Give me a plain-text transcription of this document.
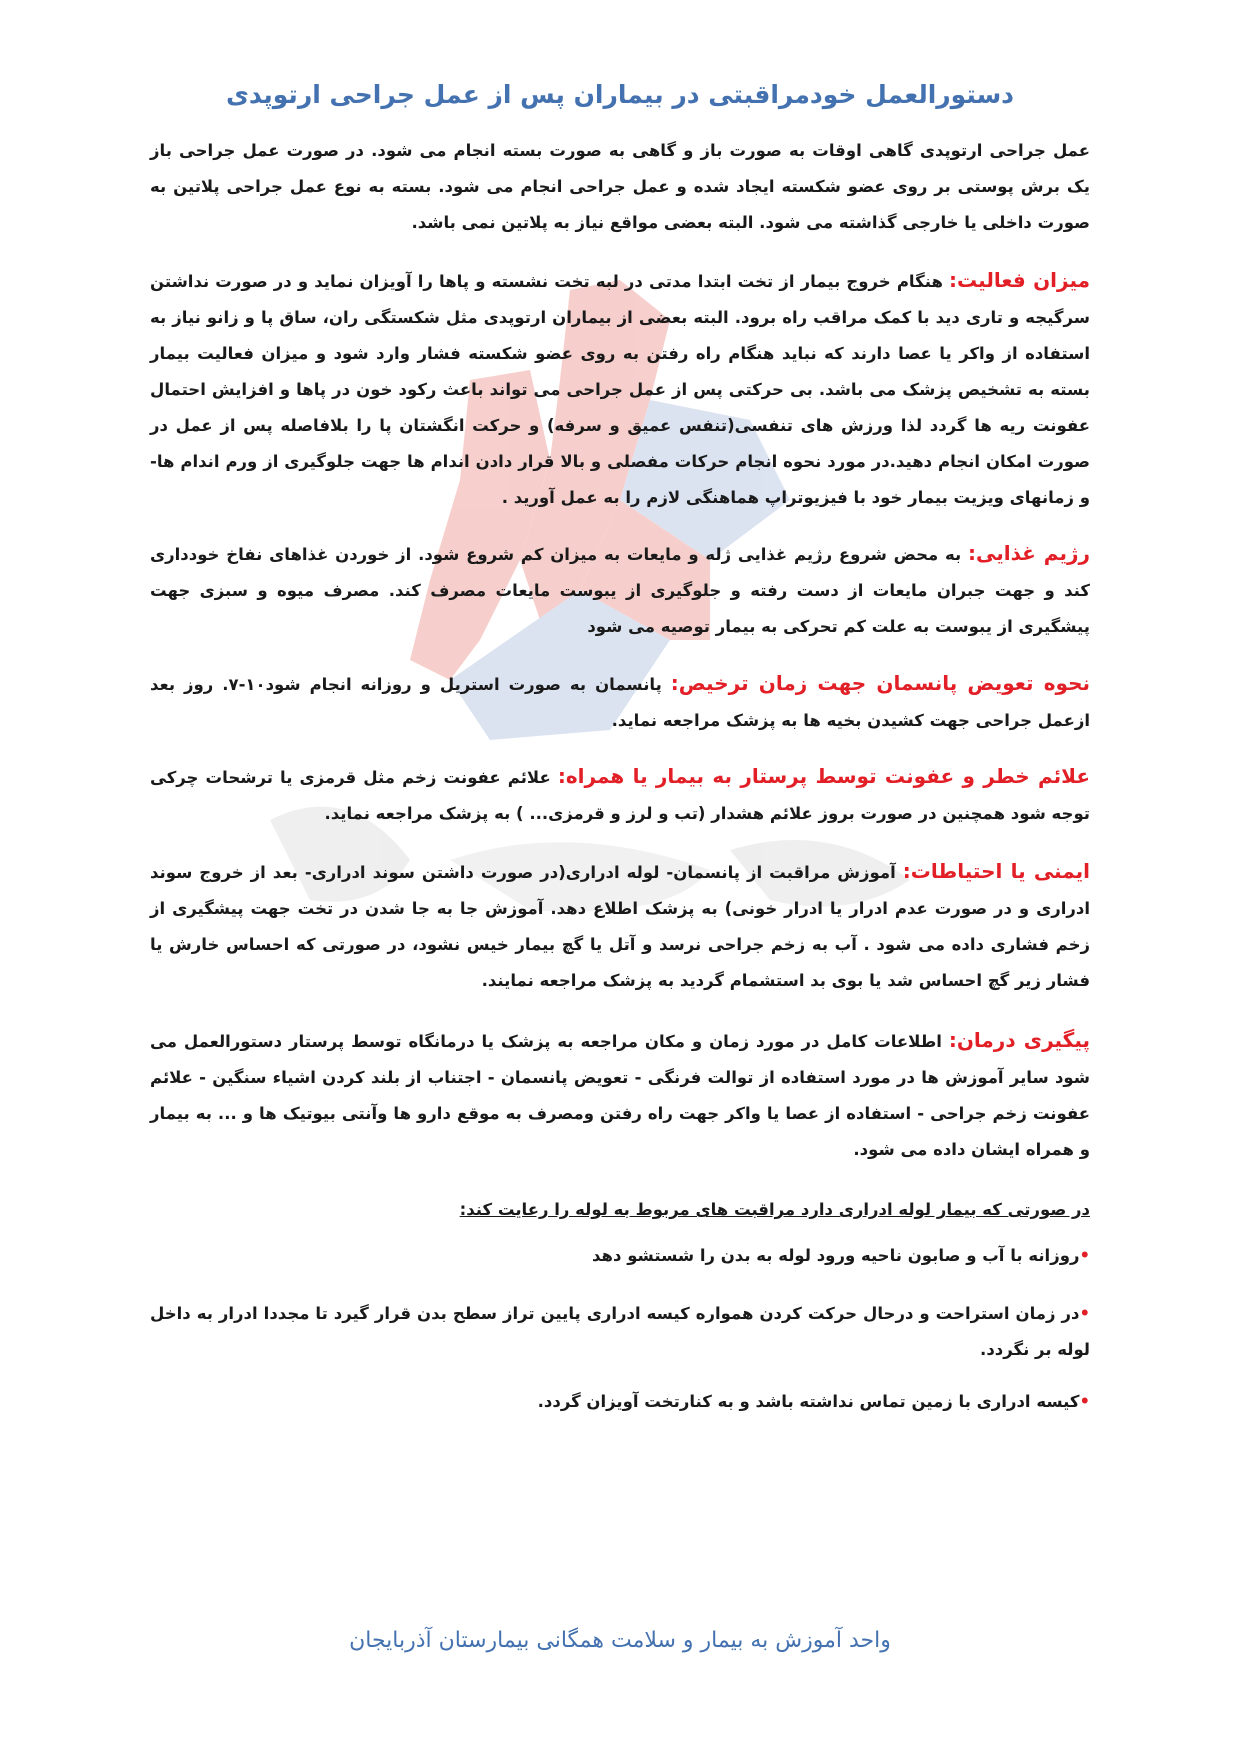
دستورالعمل خودمراقبتی در بیماران پس از عمل جراحی ارتوپدی
عمل جراحی ارتوپدی گاهی اوقات به صورت باز و گاهی به صورت بسته انجام می شود. در صورت عمل جراحی باز یک برش پوستی بر روی عضو شکسته ایجاد شده و عمل جراحی انجام می شود. بسته به نوع عمل جراحی پلاتین به صورت داخلی یا خارجی گذاشته می شود. البته بعضی مواقع نیاز به پلاتین نمی باشد.
میزان فعالیت: هنگام خروج بیمار از تخت ابتدا مدتی در لبه تخت نشسته و پاها را آویزان نماید و در صورت نداشتن سرگیجه و تاری دید با کمک مراقب راه برود. البته بعضی از بیماران ارتوپدی مثل شکستگی ران، ساق پا و زانو نیاز به استفاده از واکر یا عصا دارند که نباید هنگام راه رفتن به روی عضو شکسته فشار وارد شود و میزان فعالیت بیمار بسته به تشخیص پزشک می باشد. بی حرکتی پس از عمل جراحی می تواند باعث رکود خون در پاها و افزایش احتمال عفونت ریه ها گردد لذا ورزش های تنفسی(تنفس عمیق و سرفه) و حرکت انگشتان پا را بلافاصله پس از عمل در صورت امکان انجام دهید.در مورد نحوه انجام حرکات مفصلی و بالا قرار دادن اندام ها جهت جلوگیری از ورم اندام ها- و زمانهای ویزیت بیمار خود با فیزیوتراپ هماهنگی لازم را به عمل آورید .
رژیم غذایی: به محض شروع رژیم غذایی ژله و مایعات به میزان کم شروع شود. از خوردن غذاهای نفاخ خودداری کند و جهت جبران مایعات از دست رفته و جلوگیری از یبوست مایعات مصرف کند. مصرف میوه و سبزی جهت پیشگیری از یبوست به علت کم تحرکی به بیمار توصیه می شود
نحوه تعویض پانسمان جهت زمان ترخیص: پانسمان به صورت استریل و روزانه انجام شود۱۰-۷. روز بعد ازعمل جراحی جهت کشیدن بخیه ها به پزشک مراجعه نماید.
علائم خطر و عفونت توسط پرستار به بیمار یا همراه: علائم عفونت زخم مثل قرمزی یا ترشحات چرکی توجه شود همچنین در صورت بروز علائم هشدار (تب و لرز و قرمزی... ) به پزشک مراجعه نماید.
ایمنی یا احتیاطات: آموزش مراقبت از پانسمان- لوله ادراری(در صورت داشتن سوند ادراری- بعد از خروج سوند ادراری و در صورت عدم ادرار یا ادرار خونی) به پزشک اطلاع دهد. آموزش جا به جا شدن در تخت جهت پیشگیری از زخم فشاری داده می شود . آب به زخم جراحی نرسد و آتل یا گچ بیمار خیس نشود، در صورتی که احساس خارش یا فشار زیر گچ احساس شد یا بوی بد استشمام گردید به پزشک مراجعه نمایند.
پیگیری درمان: اطلاعات کامل در مورد زمان و مکان مراجعه به پزشک یا درمانگاه توسط پرستار دستورالعمل می شود سایر آموزش ها در مورد استفاده از توالت فرنگی - تعویض پانسمان - اجتناب از بلند کردن اشیاء سنگین - علائم عفونت زخم جراحی - استفاده از عصا یا واکر جهت راه رفتن ومصرف به موقع دارو ها وآنتی بیوتیک ها و ... به بیمار و همراه ایشان داده می شود.
در صورتی که بیمار لوله ادراری دارد مراقبت های مربوط به لوله را رعایت کند:
•روزانه با آب و صابون ناحیه ورود لوله به بدن را شستشو دهد
•در زمان استراحت و درحال حرکت کردن همواره کیسه ادراری پایین تراز سطح بدن قرار گیرد تا مجددا ادرار به داخل لوله بر نگردد.
•کیسه ادراری با زمین تماس نداشته باشد و به کنارتخت آویزان گردد.
واحد آموزش به بیمار و سلامت همگانی بیمارستان آذربایجان
